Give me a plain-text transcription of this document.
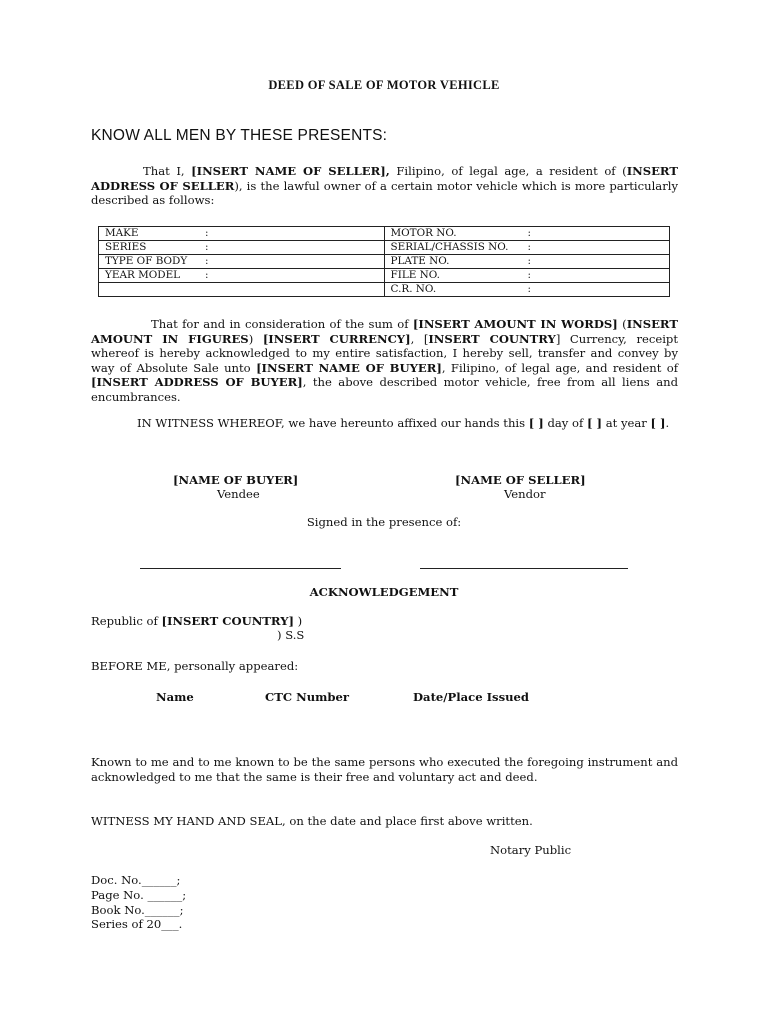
DEED OF SALE OF MOTOR VEHICLE
KNOW ALL MEN BY THESE PRESENTS:

That I, [INSERT NAME OF SELLER], Filipino, of legal age, a resident of (INSERT ADDRESS OF SELLER), is the lawful owner of a certain motor vehicle which is more particularly described as follows:

MAKE :	MOTOR NO. :
SERIES :	SERIAL/CHASSIS NO. :
TYPE OF BODY :	PLATE NO. :
YEAR MODEL :	FILE NO. :
	C.R. NO. :

That for and in consideration of the sum of [INSERT AMOUNT IN WORDS] (INSERT AMOUNT IN FIGURES) [INSERT CURRENCY], [INSERT COUNTRY] Currency, receipt whereof is hereby acknowledged to my entire satisfaction, I hereby sell, transfer and convey by way of Absolute Sale unto [INSERT NAME OF BUYER], Filipino, of legal age, and resident of [INSERT ADDRESS OF BUYER], the above described motor vehicle, free from all liens and encumbrances.

IN WITNESS WHEREOF, we have hereunto affixed our hands this [ ] day of [ ] at year [ ].

[NAME OF BUYER]
Vendee
[NAME OF SELLER]
Vendor
Signed in the presence of:
ACKNOWLEDGEMENT
Republic of [INSERT COUNTRY] )
) S.S
BEFORE ME, personally appeared:
Name	CTC Number	Date/Place Issued

Known to me and to me known to be the same persons who executed the foregoing instrument and acknowledged to me that the same is their free and voluntary act and deed.

WITNESS MY HAND AND SEAL, on the date and place first above written.
Notary Public
Doc. No.______;
Page No. ______;
Book No.______;
Series of 20___.
